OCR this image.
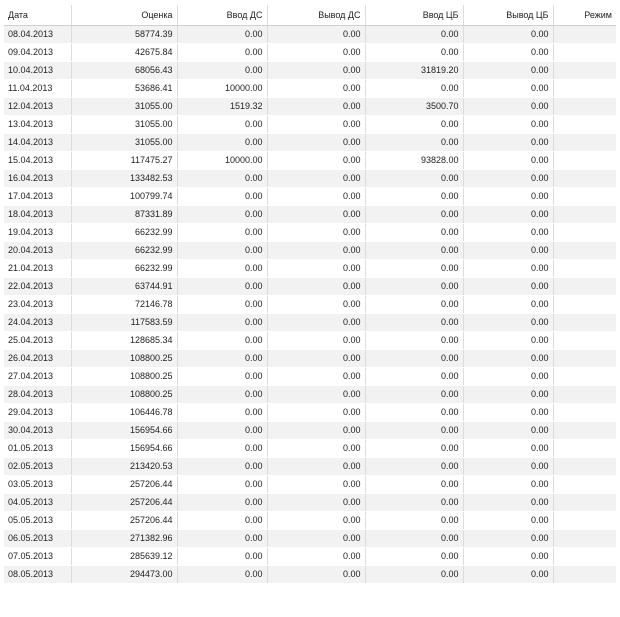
Дата	Оценка	Ввод ДС	Вывод ДС	Ввод ЦБ	Вывод ЦБ	Режим
08.04.2013	58774.39	0.00	0.00	0.00	0.00	
09.04.2013	42675.84	0.00	0.00	0.00	0.00	
10.04.2013	68056.43	0.00	0.00	31819.20	0.00	
11.04.2013	53686.41	10000.00	0.00	0.00	0.00	
12.04.2013	31055.00	1519.32	0.00	3500.70	0.00	
13.04.2013	31055.00	0.00	0.00	0.00	0.00	
14.04.2013	31055.00	0.00	0.00	0.00	0.00	
15.04.2013	117475.27	10000.00	0.00	93828.00	0.00	
16.04.2013	133482.53	0.00	0.00	0.00	0.00	
17.04.2013	100799.74	0.00	0.00	0.00	0.00	
18.04.2013	87331.89	0.00	0.00	0.00	0.00	
19.04.2013	66232.99	0.00	0.00	0.00	0.00	
20.04.2013	66232.99	0.00	0.00	0.00	0.00	
21.04.2013	66232.99	0.00	0.00	0.00	0.00	
22.04.2013	63744.91	0.00	0.00	0.00	0.00	
23.04.2013	72146.78	0.00	0.00	0.00	0.00	
24.04.2013	117583.59	0.00	0.00	0.00	0.00	
25.04.2013	128685.34	0.00	0.00	0.00	0.00	
26.04.2013	108800.25	0.00	0.00	0.00	0.00	
27.04.2013	108800.25	0.00	0.00	0.00	0.00	
28.04.2013	108800.25	0.00	0.00	0.00	0.00	
29.04.2013	106446.78	0.00	0.00	0.00	0.00	
30.04.2013	156954.66	0.00	0.00	0.00	0.00	
01.05.2013	156954.66	0.00	0.00	0.00	0.00	
02.05.2013	213420.53	0.00	0.00	0.00	0.00	
03.05.2013	257206.44	0.00	0.00	0.00	0.00	
04.05.2013	257206.44	0.00	0.00	0.00	0.00	
05.05.2013	257206.44	0.00	0.00	0.00	0.00	
06.05.2013	271382.96	0.00	0.00	0.00	0.00	
07.05.2013	285639.12	0.00	0.00	0.00	0.00	
08.05.2013	294473.00	0.00	0.00	0.00	0.00	
